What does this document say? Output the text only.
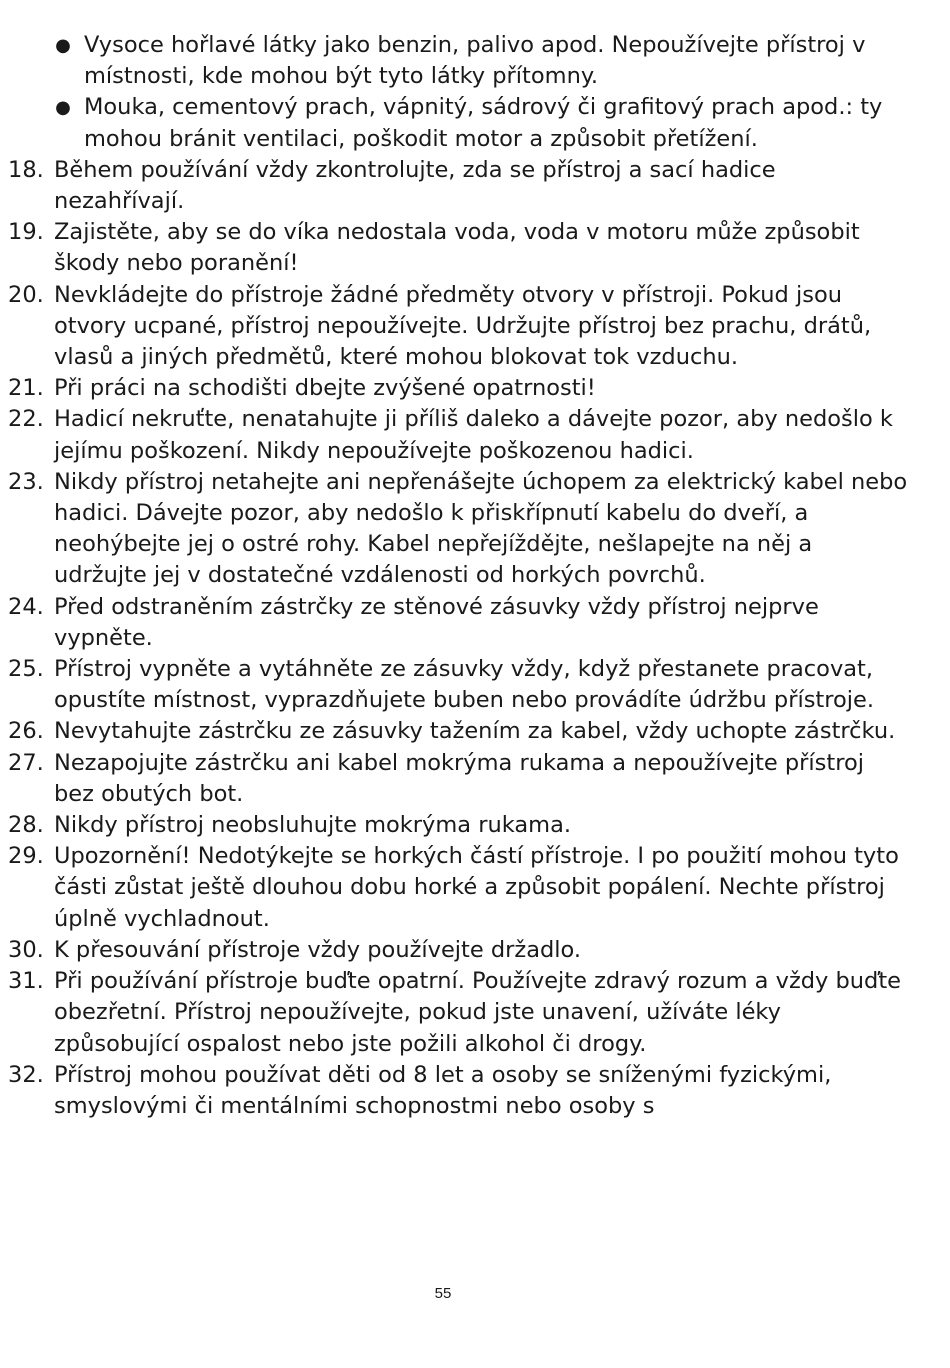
● Vysoce hořlavé látky jako benzin, palivo apod. Nepoužívejte přístroj v místnosti, kde mohou být tyto látky přítomny.
● Mouka, cementový prach, vápnitý, sádrový či grafitový prach apod.: ty mohou bránit ventilaci, poškodit motor a způsobit přetížení.
18. Během používání vždy zkontrolujte, zda se přístroj a sací hadice nezahřívají.
19. Zajistěte, aby se do víka nedostala voda, voda v motoru může způsobit škody nebo poranění!
20. Nevkládejte do přístroje žádné předměty otvory v přístroji. Pokud jsou otvory ucpané, přístroj nepoužívejte. Udržujte přístroj bez prachu, drátů, vlasů a jiných předmětů, které mohou blokovat tok vzduchu.
21. Při práci na schodišti dbejte zvýšené opatrnosti!
22. Hadicí nekruťte, nenatahujte ji příliš daleko a dávejte pozor, aby nedošlo k jejímu poškození. Nikdy nepoužívejte poškozenou hadici.
23. Nikdy přístroj netahejte ani nepřenášejte úchopem za elektrický kabel nebo hadici. Dávejte pozor, aby nedošlo k přiskřípnutí kabelu do dveří, a neohýbejte jej o ostré rohy. Kabel nepřejíždějte, nešlapejte na něj a udržujte jej v dostatečné vzdálenosti od horkých povrchů.
24. Před odstraněním zástrčky ze stěnové zásuvky vždy přístroj nejprve vypněte.
25. Přístroj vypněte a vytáhněte ze zásuvky vždy, když přestanete pracovat, opustíte místnost, vyprazdňujete buben nebo provádíte údržbu přístroje.
26. Nevytahujte zástrčku ze zásuvky tažením za kabel, vždy uchopte zástrčku.
27. Nezapojujte zástrčku ani kabel mokrýma rukama a nepoužívejte přístroj bez obutých bot.
28. Nikdy přístroj neobsluhujte mokrýma rukama.
29. Upozornění! Nedotýkejte se horkých částí přístroje. I po použití mohou tyto části zůstat ještě dlouhou dobu horké a způsobit popálení. Nechte přístroj úplně vychladnout.
30. K přesouvání přístroje vždy používejte držadlo.
31. Při používání přístroje buďte opatrní. Používejte zdravý rozum a vždy buďte obezřetní. Přístroj nepoužívejte, pokud jste unavení, užíváte léky způsobující ospalost nebo jste požili alkohol či drogy.
32. Přístroj mohou používat děti od 8 let a osoby se sníženými fyzickými, smyslovými či mentálními schopnostmi nebo osoby s
55
